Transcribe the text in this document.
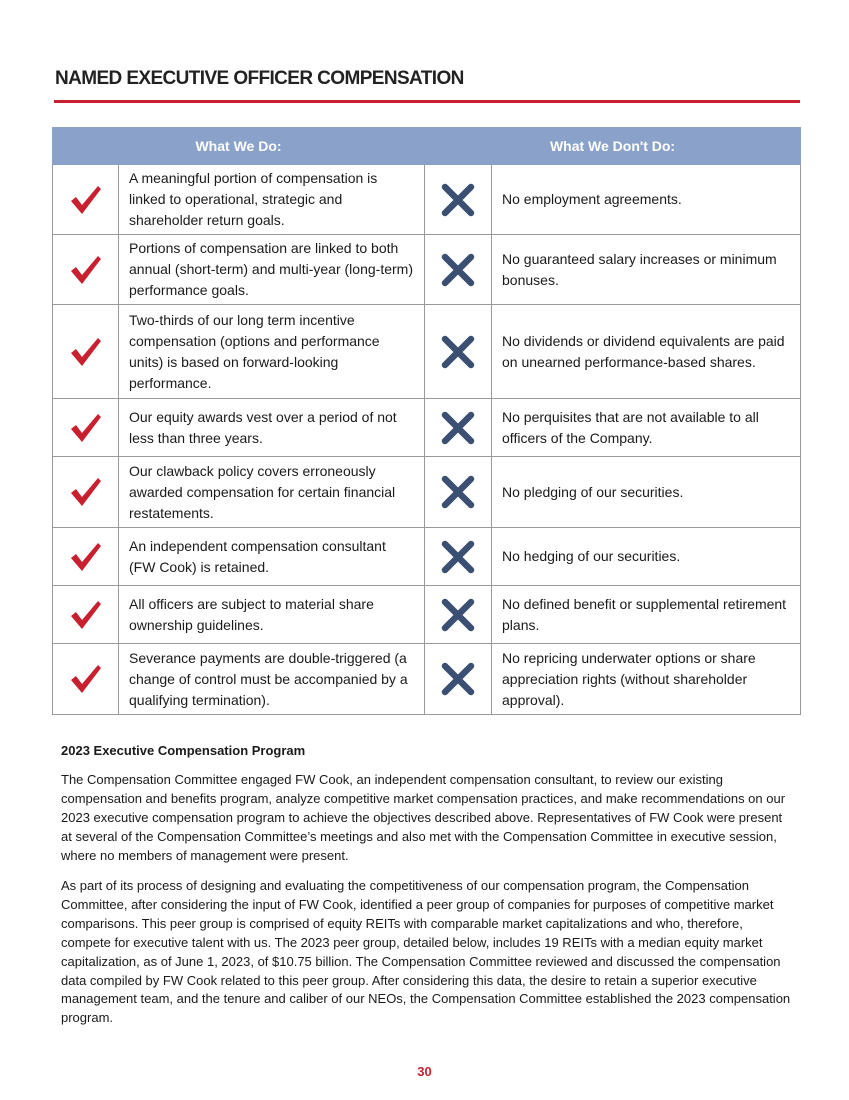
NAMED EXECUTIVE OFFICER COMPENSATION
What We Do:		What We Don't Do:	

	A meaningful portion of compensation is linked to operational, strategic and shareholder return goals.		No employment agreements.

	Portions of compensation are linked to both annual (short-term) and multi-year (long-term) performance goals.		No guaranteed salary increases or minimum bonuses.

	Two-thirds of our long term incentive compensation (options and performance units) is based on forward-looking performance.		No dividends or dividend equivalents are paid on unearned performance-based shares.

	Our equity awards vest over a period of not less than three years.		No perquisites that are not available to all officers of the Company.

	Our clawback policy covers erroneously awarded compensation for certain financial restatements.		No pledging of our securities.

	An independent compensation consultant (FW Cook) is retained.		No hedging of our securities.

	All officers are subject to material share ownership guidelines.		No defined benefit or supplemental retirement plans.

	Severance payments are double-triggered (a change of control must be accompanied by a qualifying termination).		No repricing underwater options or share appreciation rights (without shareholder approval).
2023 Executive Compensation Program
The Compensation Committee engaged FW Cook, an independent compensation consultant, to review our existing compensation and benefits program, analyze competitive market compensation practices, and make recommendations on our 2023 executive compensation program to achieve the objectives described above. Representatives of FW Cook were present at several of the Compensation Committee’s meetings and also met with the Compensation Committee in executive session, where no members of management were present.
As part of its process of designing and evaluating the competitiveness of our compensation program, the Compensation Committee, after considering the input of FW Cook, identified a peer group of companies for purposes of competitive market comparisons. This peer group is comprised of equity REITs with comparable market capitalizations and who, therefore, compete for executive talent with us. The 2023 peer group, detailed below, includes 19 REITs with a median equity market capitalization, as of June 1, 2023, of $10.75 billion. The Compensation Committee reviewed and discussed the compensation data compiled by FW Cook related to this peer group. After considering this data, the desire to retain a superior executive management team, and the tenure and caliber of our NEOs, the Compensation Committee established the 2023 compensation program.
30
